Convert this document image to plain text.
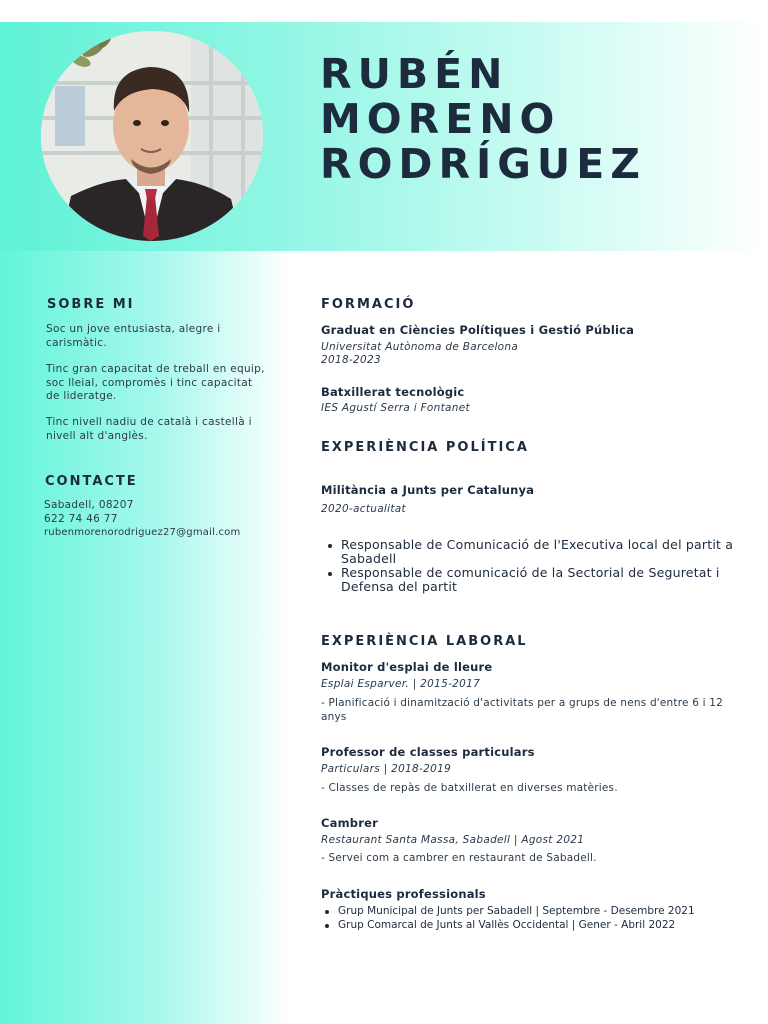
RUBÉN
MORENO
RODRÍGUEZ
SOBRE MI
Soc un jove entusiasta, alegre i carismàtic.
Tinc gran capacitat de treball en equip, soc lleial, compromès i tinc capacitat de lideratge.
Tinc nivell nadiu de català i castellà i nivell alt d'anglès.
CONTACTE
Sabadell, 08207
622 74 46 77
rubenmorenorodriguez27@gmail.com
FORMACIÓ
Graduat en Ciències Polítiques i Gestió Pública
Universitat Autònoma de Barcelona
2018-2023
Batxillerat tecnològic
IES Agustí Serra i Fontanet
EXPERIÈNCIA POLÍTICA
Militància a Junts per Catalunya
2020-actualitat
Responsable de Comunicació de l'Executiva local del partit a Sabadell
Responsable de comunicació de la Sectorial de Seguretat i Defensa del partit
EXPERIÈNCIA LABORAL
Monitor d'esplai de lleure
Esplai Esparver. | 2015-2017
- Planificació i dinamització d'activitats per a grups de nens d'entre 6 i 12 anys
Professor de classes particulars
Particulars | 2018-2019
- Classes de repàs de batxillerat en diverses matèries.
Cambrer
Restaurant Santa Massa, Sabadell | Agost 2021
- Servei com a cambrer en restaurant de Sabadell.
Pràctiques professionals
Grup Municipal de Junts per Sabadell | Septembre - Desembre 2021
Grup Comarcal de Junts al Vallès Occidental | Gener - Abril 2022
